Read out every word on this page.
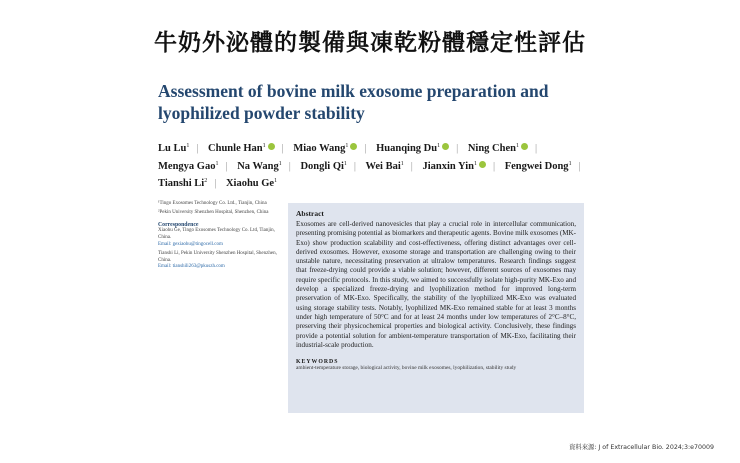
牛奶外泌體的製備與凍乾粉體穩定性評估
Assessment of bovine milk exosome preparation and lyophilized powder stability
Lu Lu$^1$ | Chunle Han$^1$ | Miao Wang$^1$ | Huanqing Du$^1$ | Ning Chen$^1$ | Mengya Gao$^1$ | Na Wang$^1$ | Dongli Qi$^1$ | Wei Bai$^1$ | Jianxin Yin$^1$ | Fengwei Dong$^1$ | Tianshi Li$^2$ | Xiaohu Ge$^1$

¹Tingo Exosomes Technology Co. Ltd., Tianjin, China

²Pekin University Shenzhen Hospital, Shenzhen, China

Correspondence

Xiaohu Ge, Tingo Exosomes Technology Co. Ltd, Tianjin, China.
Email: gexiaohu@tingocell.com

Tianshi Li, Pekin University Shenzhen Hospital, Shenzhen, China.
Email: tianshili263@pkuszh.com

Abstract
Exosomes are cell-derived nanovesicles that play a crucial role in intercellular communication, presenting promising potential as biomarkers and therapeutic agents. Bovine milk exosomes (MK-Exo) show production scalability and cost-effectiveness, offering distinct advantages over cell-derived exosomes. However, exosome storage and transportation are challenging owing to their unstable nature, necessitating preservation at ultralow temperatures. Research findings suggest that freeze-drying could provide a viable solution; however, different sources of exosomes may require specific protocols. In this study, we aimed to successfully isolate high-purity MK-Exo and develop a specialized freeze-drying and lyophilization method for improved long-term preservation of MK-Exo. Specifically, the stability of the lyophilized MK-Exo was evaluated using storage stability tests. Notably, lyophilized MK-Exo remained stable for at least 3 months under high temperature of 50°C and for at least 24 months under low temperatures of 2°C–8°C, preserving their physicochemical properties and biological activity. Conclusively, these findings provide a potential solution for ambient-temperature transportation of MK-Exo, facilitating their industrial-scale production.
KEYWORDS
ambient-temperature storage, biological activity, bovine milk exosomes, lyophilization, stability study
資料來源: J of Extracellular Bio. 2024;3:e70009
